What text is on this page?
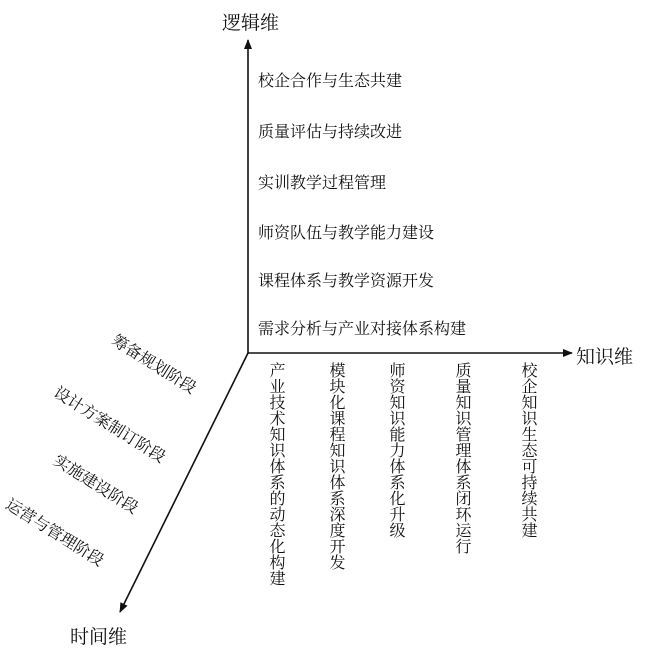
逻辑维
知识维
时间维
校企合作与生态共建
质量评估与持续改进
实训教学过程管理
师资队伍与教学能力建设
课程体系与教学资源开发
需求分析与产业对接体系构建
产业技术知识体系的动态化构建	模块化课程知识体系深度开发	师资知识能力体系化升级	质量知识管理体系闭环运行	校企知识生态可持续共建
筹备规划阶段
设计方案制订阶段
实施建设阶段
运营与管理阶段
